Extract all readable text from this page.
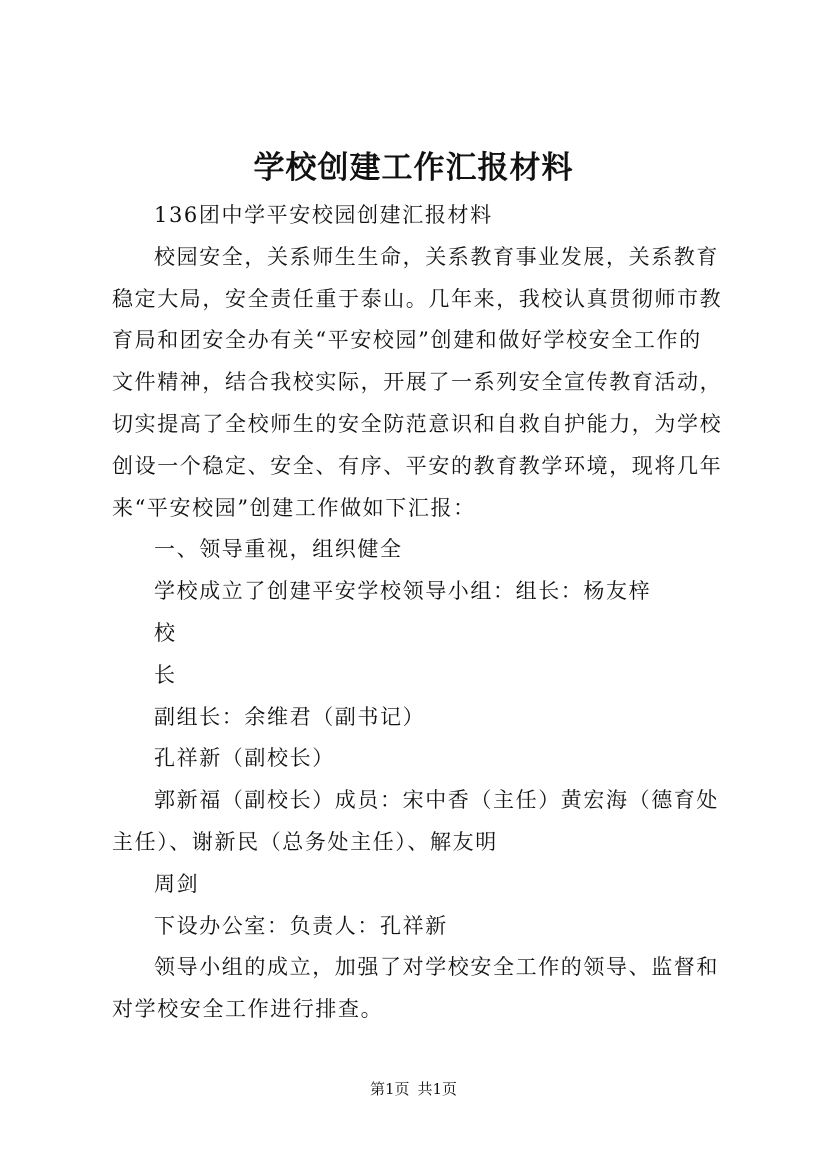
学校创建工作汇报材料

136团中学平安校园创建汇报材料

校园安全，关系师生生命，关系教育事业发展，关系教育稳定大局，安全责任重于泰山。几年来，我校认真贯彻师市教育局和团安全办有关“平安校园”创建和做好学校安全工作的文件精神，结合我校实际，开展了一系列安全宣传教育活动，切实提高了全校师生的安全防范意识和自救自护能力，为学校创设一个稳定、安全、有序、平安的教育教学环境，现将几年来“平安校园”创建工作做如下汇报：

一、领导重视，组织健全

学校成立了创建平安学校领导小组：组长：杨友梓

校

长

副组长：余维君（副书记）

孔祥新（副校长）

郭新福（副校长）成员：宋中香（主任）黄宏海（德育处主任）、谢新民（总务处主任）、解友明

周剑

下设办公室：负责人：孔祥新

领导小组的成立，加强了对学校安全工作的领导、监督和对学校安全工作进行排查。

第1页 共1页
